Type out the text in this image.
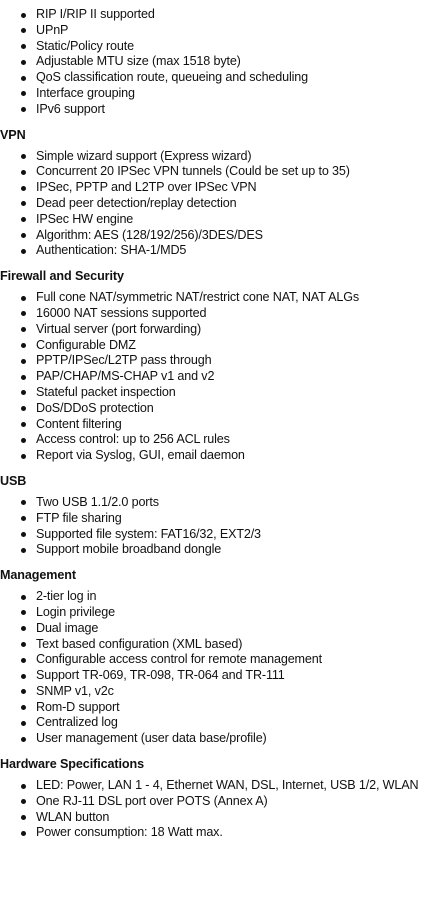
RIP I/RIP II supported
UPnP
Static/Policy route
Adjustable MTU size (max 1518 byte)
QoS classification route, queueing and scheduling
Interface grouping
IPv6 support
VPN
Simple wizard support (Express wizard)
Concurrent 20 IPSec VPN tunnels (Could be set up to 35)
IPSec, PPTP and L2TP over IPSec VPN
Dead peer detection/replay detection
IPSec HW engine
Algorithm: AES (128/192/256)/3DES/DES
Authentication: SHA-1/MD5
Firewall and Security
Full cone NAT/symmetric NAT/restrict cone NAT, NAT ALGs
16000 NAT sessions supported
Virtual server (port forwarding)
Configurable DMZ
PPTP/IPSec/L2TP pass through
PAP/CHAP/MS-CHAP v1 and v2
Stateful packet inspection
DoS/DDoS protection
Content filtering
Access control: up to 256 ACL rules
Report via Syslog, GUI, email daemon
USB
Two USB 1.1/2.0 ports
FTP file sharing
Supported file system: FAT16/32, EXT2/3
Support mobile broadband dongle
Management
2-tier log in
Login privilege
Dual image
Text based configuration (XML based)
Configurable access control for remote management
Support TR-069, TR-098, TR-064 and TR-111
SNMP v1, v2c
Rom-D support
Centralized log
User management (user data base/profile)
Hardware Specifications
LED: Power, LAN 1 - 4, Ethernet WAN, DSL, Internet, USB 1/2, WLAN
One RJ-11 DSL port over POTS (Annex A)
WLAN button
Power consumption: 18 Watt max.
